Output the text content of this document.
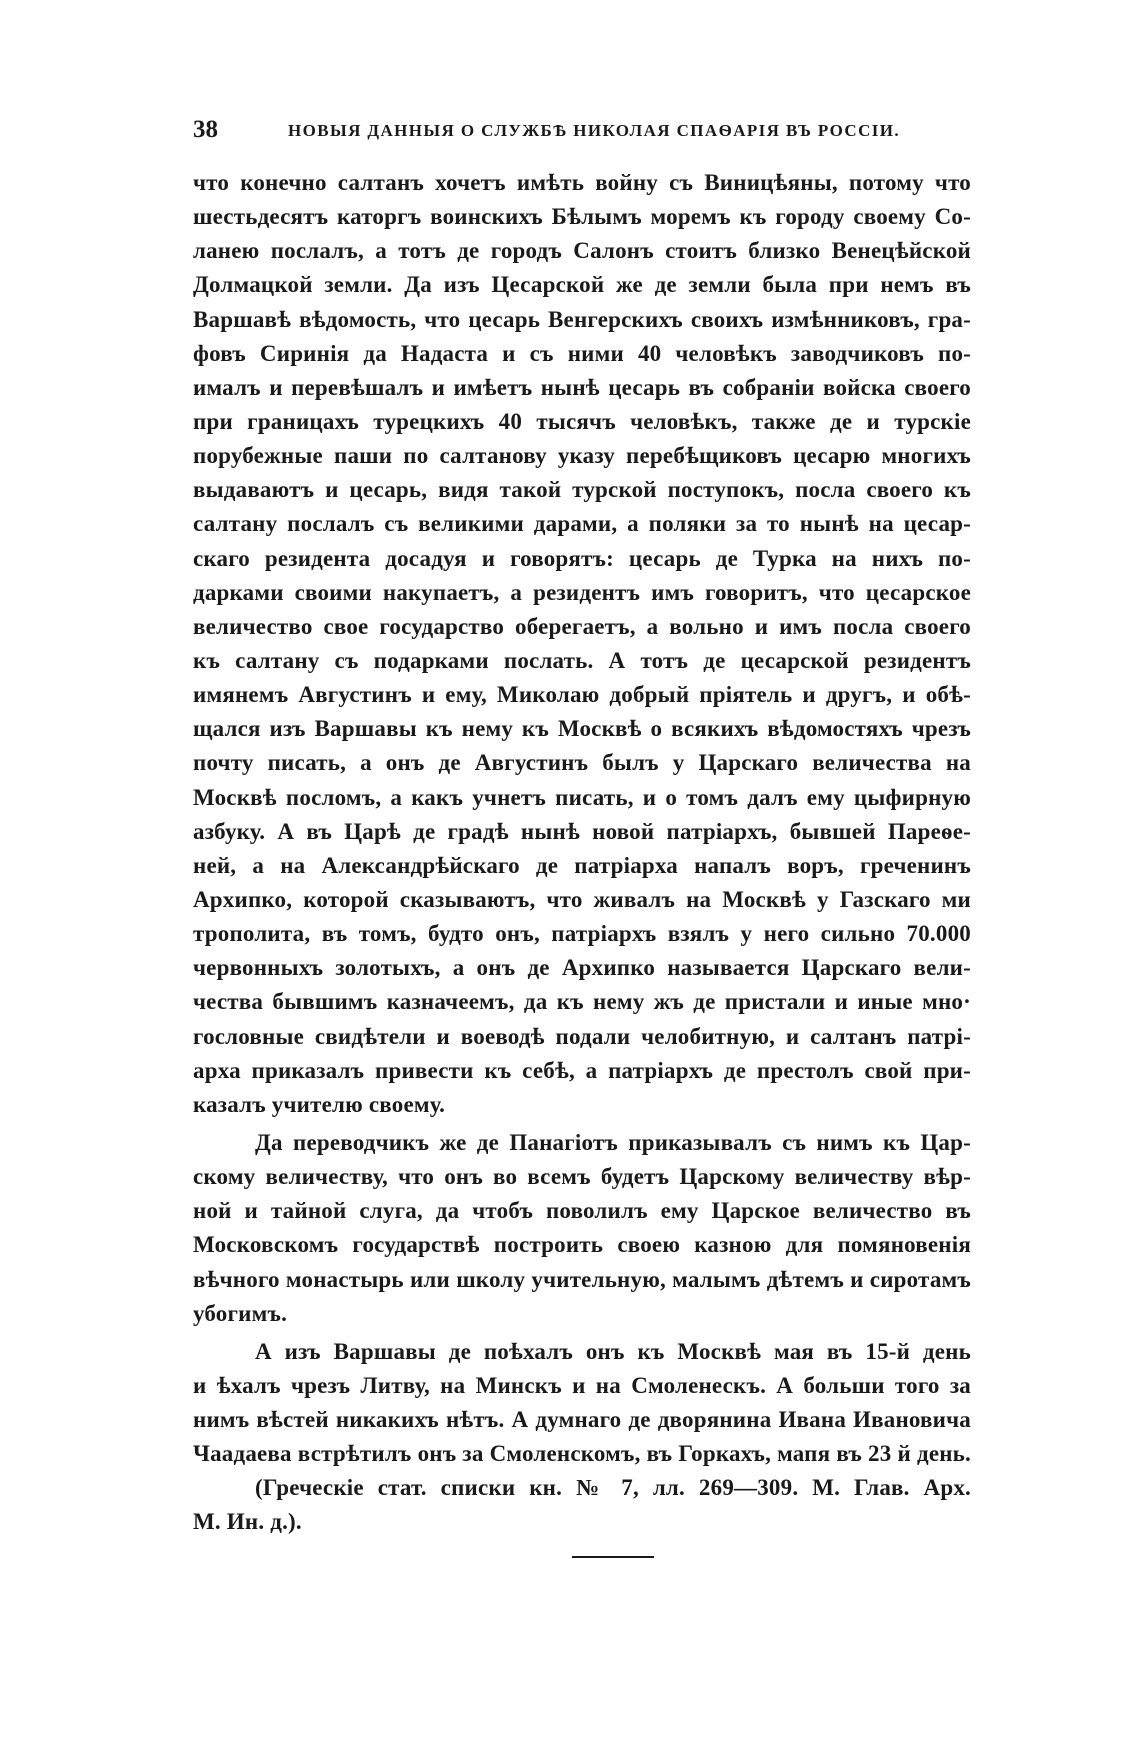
38	НОВЫЯ ДАННЫЯ О СЛУЖБѢ НИКОЛАЯ СПАѲАРІЯ ВЪ РОССІИ.
что конечно салтанъ хочетъ имѣть войну съ Виницѣяны, потому что
шестьдесятъ каторгъ воинскихъ Бѣлымъ моремъ къ городу своему Со-
ланею послалъ, а тотъ де городъ Салонъ стоитъ близко Венецѣйской
Долмацкой земли. Да изъ Цесарской же де земли была при немъ въ
Варшавѣ вѣдомость, что цесарь Венгерскихъ своихъ измѣнниковъ, гра-
фовъ Сиринія да Надаста и съ ними 40 человѣкъ заводчиковъ по-
ималъ и перевѣшалъ и имѣетъ нынѣ цесарь въ собраніи войска своего
при границахъ турецкихъ 40 тысячъ человѣкъ, также де и турскіе
порубежные паши по салтанову указу перебѣщиковъ цесарю многихъ
выдаваютъ и цесарь, видя такой турской поступокъ, посла своего къ
салтану послалъ съ великими дарами, а поляки за то нынѣ на цесар-
скаго резидента досадуя и говорятъ: цесарь де Турка на нихъ по-
дарками своими накупаетъ, а резидентъ имъ говоритъ, что цесарское
величество свое государство оберегаетъ, а вольно и имъ посла своего
къ салтану съ подарками послать. А тотъ де цесарской резидентъ
имянемъ Августинъ и ему, Миколаю добрый пріятель и другъ, и обѣ-
щался изъ Варшавы къ нему къ Москвѣ о всякихъ вѣдомостяхъ чрезъ
почту писать, а онъ де Августинъ былъ у Царскаго величества на
Москвѣ посломъ, а какъ учнетъ писать, и о томъ далъ ему цыфирную
азбуку. А въ Царѣ де градѣ нынѣ новой патріархъ, бывшей Пареѳе-
ней, а на Александрѣйскаго де патріарха напалъ воръ, греченинъ
Архипко, которой сказываютъ, что живалъ на Москвѣ у Газскаго ми
трополита, въ томъ, будто онъ, патріархъ взялъ у него сильно 70.000
червонныхъ золотыхъ, а онъ де Архипко называется Царскаго вели-
чества бывшимъ казначеемъ, да къ нему жъ де пристали и иные мно·
гословные свидѣтели и воеводѣ подали челобитную, и салтанъ патрі-
арха приказалъ привести къ себѣ, а патріархъ де престолъ свой при-
казалъ учителю своему.
Да переводчикъ же де Панагіотъ приказывалъ съ нимъ къ Цар-
скому величеству, что онъ во всемъ будетъ Царскому величеству вѣр-
ной и тайной слуга, да чтобъ поволилъ ему Царское величество въ
Московскомъ государствѣ построить своею казною для помяновенія
вѣчного монастырь или школу учительную, малымъ дѣтемъ и сиротамъ
убогимъ.
А изъ Варшавы де поѣхалъ онъ къ Москвѣ мая въ 15-й день
и ѣхалъ чрезъ Литву, на Минскъ и на Смоленескъ. А больши того за
нимъ вѣстей никакихъ нѣтъ. А думнаго де дворянина Ивана Ивановича
Чаадаева встрѣтилъ онъ за Смоленскомъ, въ Горкахъ, мапя въ 23 й день.
(Греческіе стат. списки кн. № 7, лл. 269—309. М. Глав. Арх.
М. Ин. д.).
